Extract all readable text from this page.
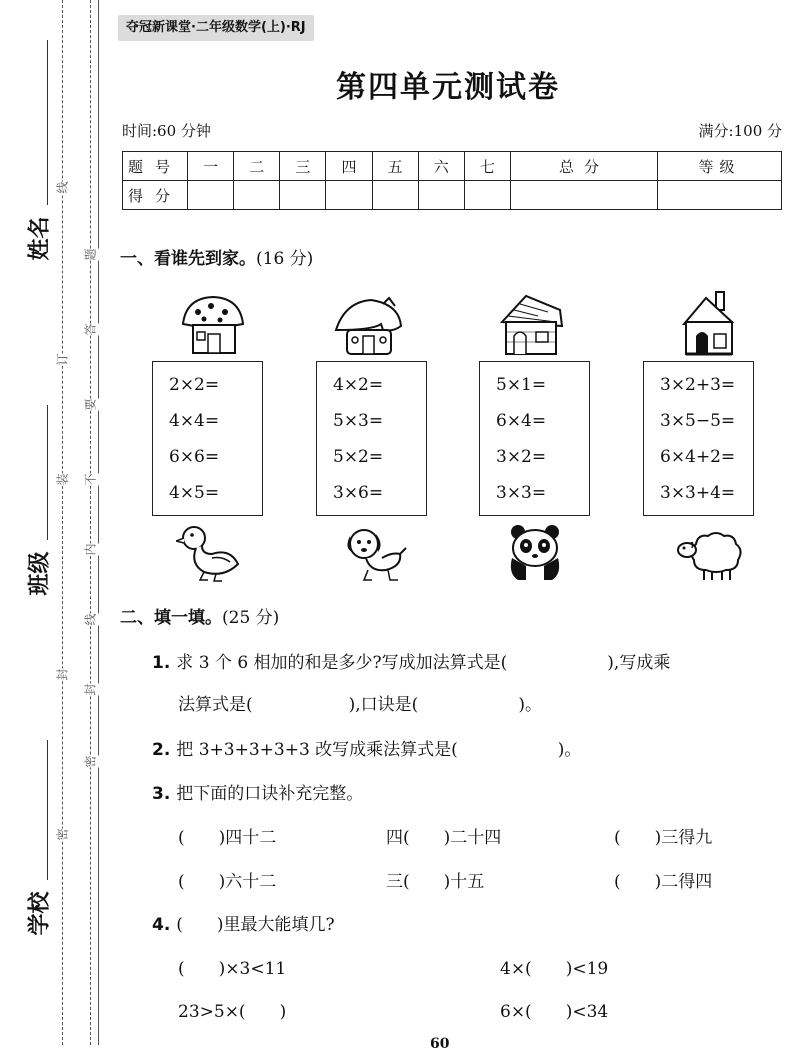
姓名
班级
学校
线
订
装
封
密
题
答
要
不
内
线
封
密
夺冠新课堂·二年级数学(上)·RJ
第四单元测试卷
时间:60 分钟	满分:100 分
题号	一	二	三	四	五	六	七	总分	等级
得分									
一、看谁先到家。(16 分)
2×2=
4×4=
6×6=
4×5=
4×2=
5×3=
5×2=
3×6=
5×1=
6×4=
3×2=
3×3=
3×2+3=
3×5−5=
6×4+2=
3×3+4=
二、填一填。(25 分)
1. 求 3 个 6 相加的和是多少?写成加法算式是(	),写成乘
法算式是(	),口诀是(	)。
2. 把 3+3+3+3+3 改写成乘法算式是(	)。
3. 把下面的口诀补充完整。
(　　)四十二	四(　　)二十四	(　　)三得九
(　　)六十二	三(　　)十五	(　　)二得四
4. (　　)里最大能填几?
(　　)×3<11	4×(　　)<19
23>5×(　　)	6×(　　)<34
60
